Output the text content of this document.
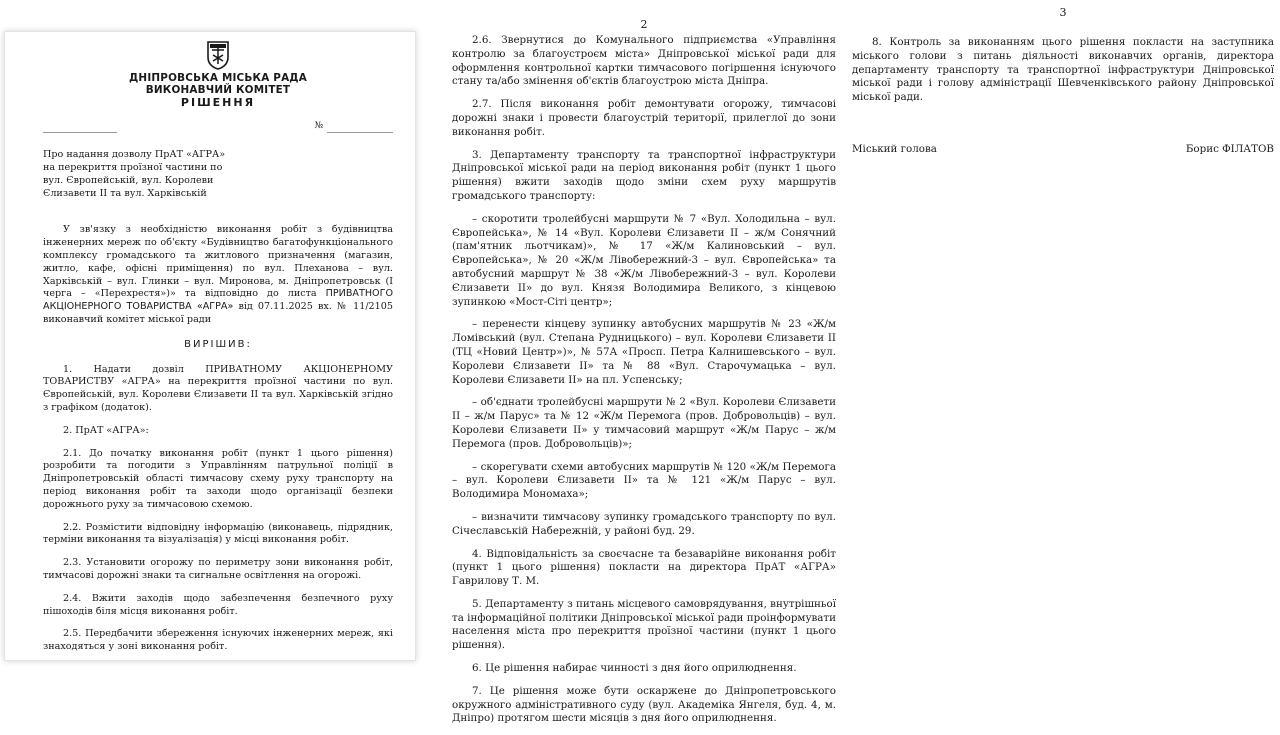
ДНІПРОВСЬКА МІСЬКА РАДА
ВИКОНАВЧИЙ КОМІТЕТ
РІШЕННЯ
№
Про надання дозволу ПрАТ «АГРА»
на перекриття проїзної частини по
вул. Європейській, вул. Королеви
Єлизавети ІІ та вул. Харківській

У зв'язку з необхідністю виконання робіт з будівництва інженерних мереж по об'єкту «Будівництво багатофункціонального комплексу громадського та житлового призначення (магазин, житло, кафе, офісні приміщення) по вул. Плеханова – вул. Харківській – вул. Глинки – вул. Миронова, м. Дніпропетровськ (І черга – «Перехрестя»)» та відповідно до листа ПРИВАТНОГО АКЦІОНЕРНОГО ТОВАРИСТВА «АГРА» від 07.11.2025 вх. № 11/2105 виконавчий комітет міської ради

ВИРІШИВ:

1. Надати дозвіл ПРИВАТНОМУ АКЦІОНЕРНОМУ ТОВАРИСТВУ «АГРА» на перекриття проїзної частини по вул. Європейській, вул. Королеви Єлизавети ІІ та вул. Харківській згідно з графіком (додаток).

2. ПрАТ «АГРА»:

2.1. До початку виконання робіт (пункт 1 цього рішення) розробити та погодити з Управлінням патрульної поліції в Дніпропетровській області тимчасову схему руху транспорту на період виконання робіт та заходи щодо організації безпеки дорожнього руху за тимчасовою схемою.

2.2. Розмістити відповідну інформацію (виконавець, підрядник, терміни виконання та візуалізація) у місці виконання робіт.

2.3. Установити огорожу по периметру зони виконання робіт, тимчасові дорожні знаки та сигнальне освітлення на огорожі.

2.4. Вжити заходів щодо забезпечення безпечного руху пішоходів біля місця виконання робіт.

2.5. Передбачити збереження існуючих інженерних мереж, які знаходяться у зоні виконання робіт.

2

2.6. Звернутися до Комунального підприємства «Управління контролю за благоустроєм міста» Дніпровської міської ради для оформлення контрольної картки тимчасового погіршення існуючого стану та/або змінення об'єктів благоустрою міста Дніпра.

2.7. Після виконання робіт демонтувати огорожу, тимчасові дорожні знаки і провести благоустрій території, прилеглої до зони виконання робіт.

3. Департаменту транспорту та транспортної інфраструктури Дніпровської міської ради на період виконання робіт (пункт 1 цього рішення) вжити заходів щодо зміни схем руху маршрутів громадського транспорту:

– скоротити тролейбусні маршрути № 7 «Вул. Холодильна – вул. Європейська», № 14 «Вул. Королеви Єлизавети ІІ – ж/м Сонячний (пам'ятник льотчикам)», № 17 «Ж/м Калиновський – вул. Європейська», № 20 «Ж/м Лівобережний-3 – вул. Європейська» та автобусний маршрут № 38 «Ж/м Лівобережний-3 – вул. Королеви Єлизавети ІІ» до вул. Князя Володимира Великого, з кінцевою зупинкою «Мост-Сіті центр»;

– перенести кінцеву зупинку автобусних маршрутів № 23 «Ж/м Ломівський (вул. Степана Рудницького) – вул. Королеви Єлизавети ІІ (ТЦ «Новий Центр»)», № 57А «Просп. Петра Калнишевського – вул. Королеви Єлизавети ІІ» та № 88 «Вул. Старочумацька – вул. Королеви Єлизавети ІІ» на пл. Успенську;

– об'єднати тролейбусні маршрути № 2 «Вул. Королеви Єлизавети ІІ – ж/м Парус» та № 12 «Ж/м Перемога (пров. Добровольців) – вул. Королеви Єлизавети ІІ» у тимчасовий маршрут «Ж/м Парус – ж/м Перемога (пров. Добровольців)»;

– скорегувати схеми автобусних маршрутів № 120 «Ж/м Перемога – вул. Королеви Єлизавети ІІ» та № 121 «Ж/м Парус – вул. Володимира Мономаха»;

– визначити тимчасову зупинку громадського транспорту по вул. Січеславській Набережній, у районі буд. 29.

4. Відповідальність за своєчасне та безаварійне виконання робіт (пункт 1 цього рішення) покласти на директора ПрАТ «АГРА» Гаврилову Т. М.

5. Департаменту з питань місцевого самоврядування, внутрішньої та інформаційної політики Дніпровської міської ради проінформувати населення міста про перекриття проїзної частини (пункт 1 цього рішення).

6. Це рішення набирає чинності з дня його оприлюднення.

7. Це рішення може бути оскаржене до Дніпропетровського окружного адміністративного суду (вул. Академіка Янгеля, буд. 4, м. Дніпро) протягом шести місяців з дня його оприлюднення.

3

8. Контроль за виконанням цього рішення покласти на заступника міського голови з питань діяльності виконавчих органів, директора департаменту транспорту та транспортної інфраструктури Дніпровської міської ради і голову адміністрації Шевченківського району Дніпровської міської ради.

Міський голова	Борис ФІЛАТОВ
